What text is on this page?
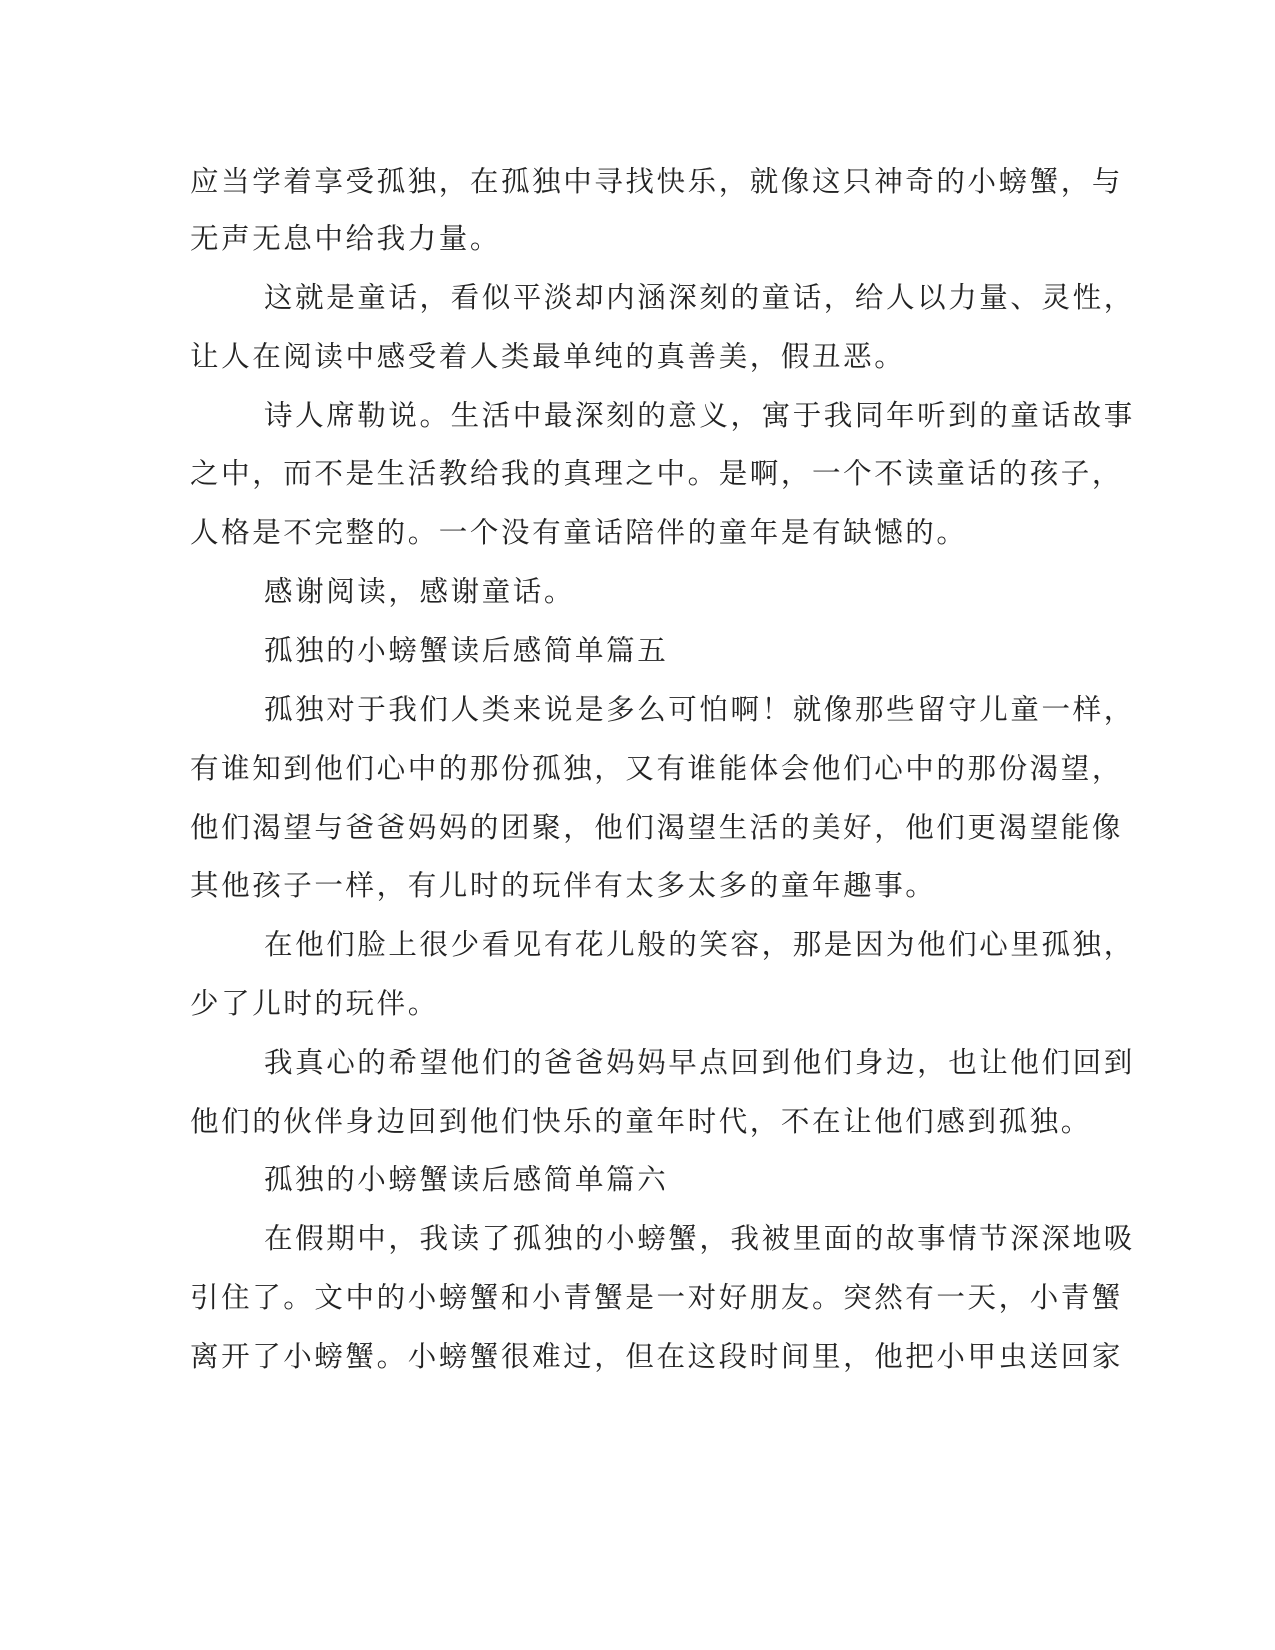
应当学着享受孤独，在孤独中寻找快乐，就像这只神奇的小螃蟹，与
无声无息中给我力量。
这就是童话，看似平淡却内涵深刻的童话，给人以力量、灵性，
让人在阅读中感受着人类最单纯的真善美，假丑恶。
诗人席勒说。生活中最深刻的意义，寓于我同年听到的童话故事
之中，而不是生活教给我的真理之中。是啊，一个不读童话的孩子，
人格是不完整的。一个没有童话陪伴的童年是有缺憾的。
感谢阅读，感谢童话。
孤独的小螃蟹读后感简单篇五
孤独对于我们人类来说是多么可怕啊！就像那些留守儿童一样，
有谁知到他们心中的那份孤独，又有谁能体会他们心中的那份渴望，
他们渴望与爸爸妈妈的团聚，他们渴望生活的美好，他们更渴望能像
其他孩子一样，有儿时的玩伴有太多太多的童年趣事。
在他们脸上很少看见有花儿般的笑容，那是因为他们心里孤独，
少了儿时的玩伴。
我真心的希望他们的爸爸妈妈早点回到他们身边，也让他们回到
他们的伙伴身边回到他们快乐的童年时代，不在让他们感到孤独。
孤独的小螃蟹读后感简单篇六
在假期中，我读了孤独的小螃蟹，我被里面的故事情节深深地吸
引住了。文中的小螃蟹和小青蟹是一对好朋友。突然有一天，小青蟹
离开了小螃蟹。小螃蟹很难过，但在这段时间里，他把小甲虫送回家
